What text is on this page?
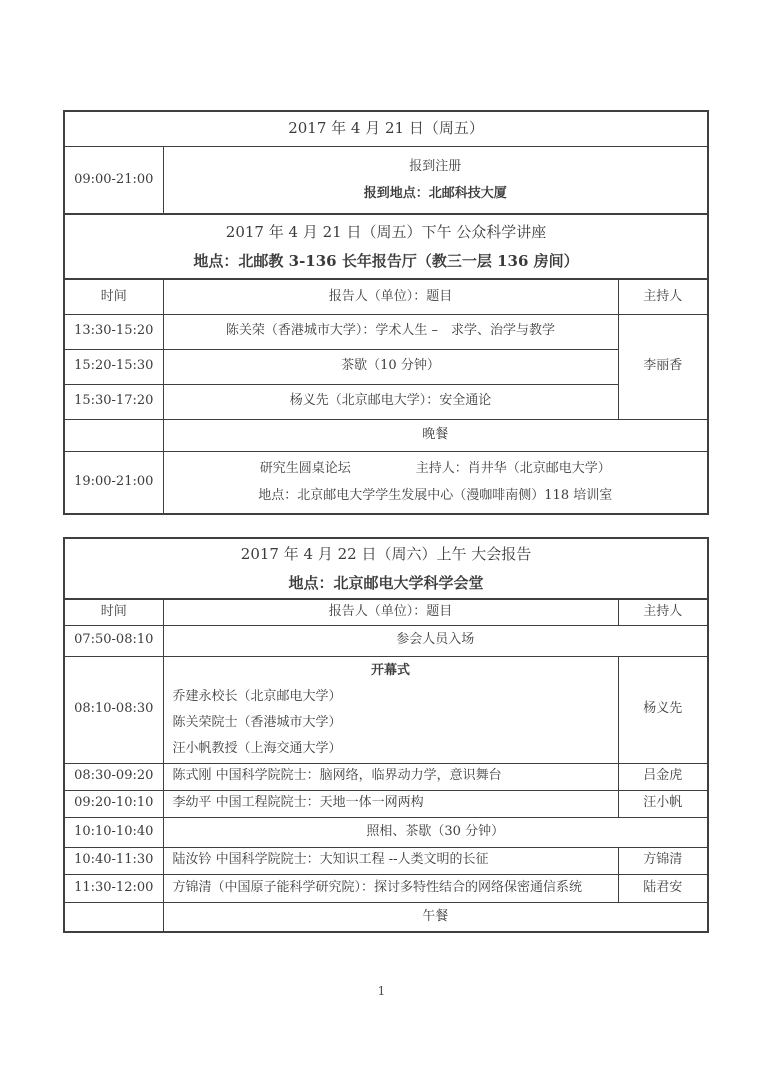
2017 年 4 月 21 日（周五）		
09:00-21:00	报到注册
报到地点：北邮科技大厦	

2017 年 4 月 21 日（周五）下午 公众科学讲座
地点：北邮教 3-136 长年报告厅（教三一层 136 房间）		

时间	报告人（单位）：题目	主持人
13:30-15:20	陈关荣（香港城市大学）：学术人生 –　求学、治学与教学	李丽香
15:20-15:30	茶歇（10 分钟）	
15:30-17:20	杨义先（北京邮电大学）：安全通论	
	晚餐	
19:00-21:00	研究生圆桌论坛　　　　　主持人：肖井华（北京邮电大学）
地点：北京邮电大学学生发展中心（漫咖啡南侧）118 培训室	
2017 年 4 月 22 日（周六）上午 大会报告
地点：北京邮电大学科学会堂		

时间	报告人（单位）：题目	主持人
07:50-08:10	参会人员入场	
08:10-08:30	开幕式
乔建永校长（北京邮电大学）
陈关荣院士（香港城市大学）
汪小帆教授（上海交通大学）	杨义先
08:30-09:20	陈式刚 中国科学院院士：脑网络，临界动力学，意识舞台	吕金虎
09:20-10:10	李幼平 中国工程院院士：天地一体一网两构	汪小帆
10:10-10:40	照相、茶歇（30 分钟）	
10:40-11:30	陆汝钤 中国科学院院士：大知识工程 --人类文明的长征	方锦清
11:30-12:00	方锦清（中国原子能科学研究院）：探讨多特性结合的网络保密通信系统	陆君安
	午餐	
1
